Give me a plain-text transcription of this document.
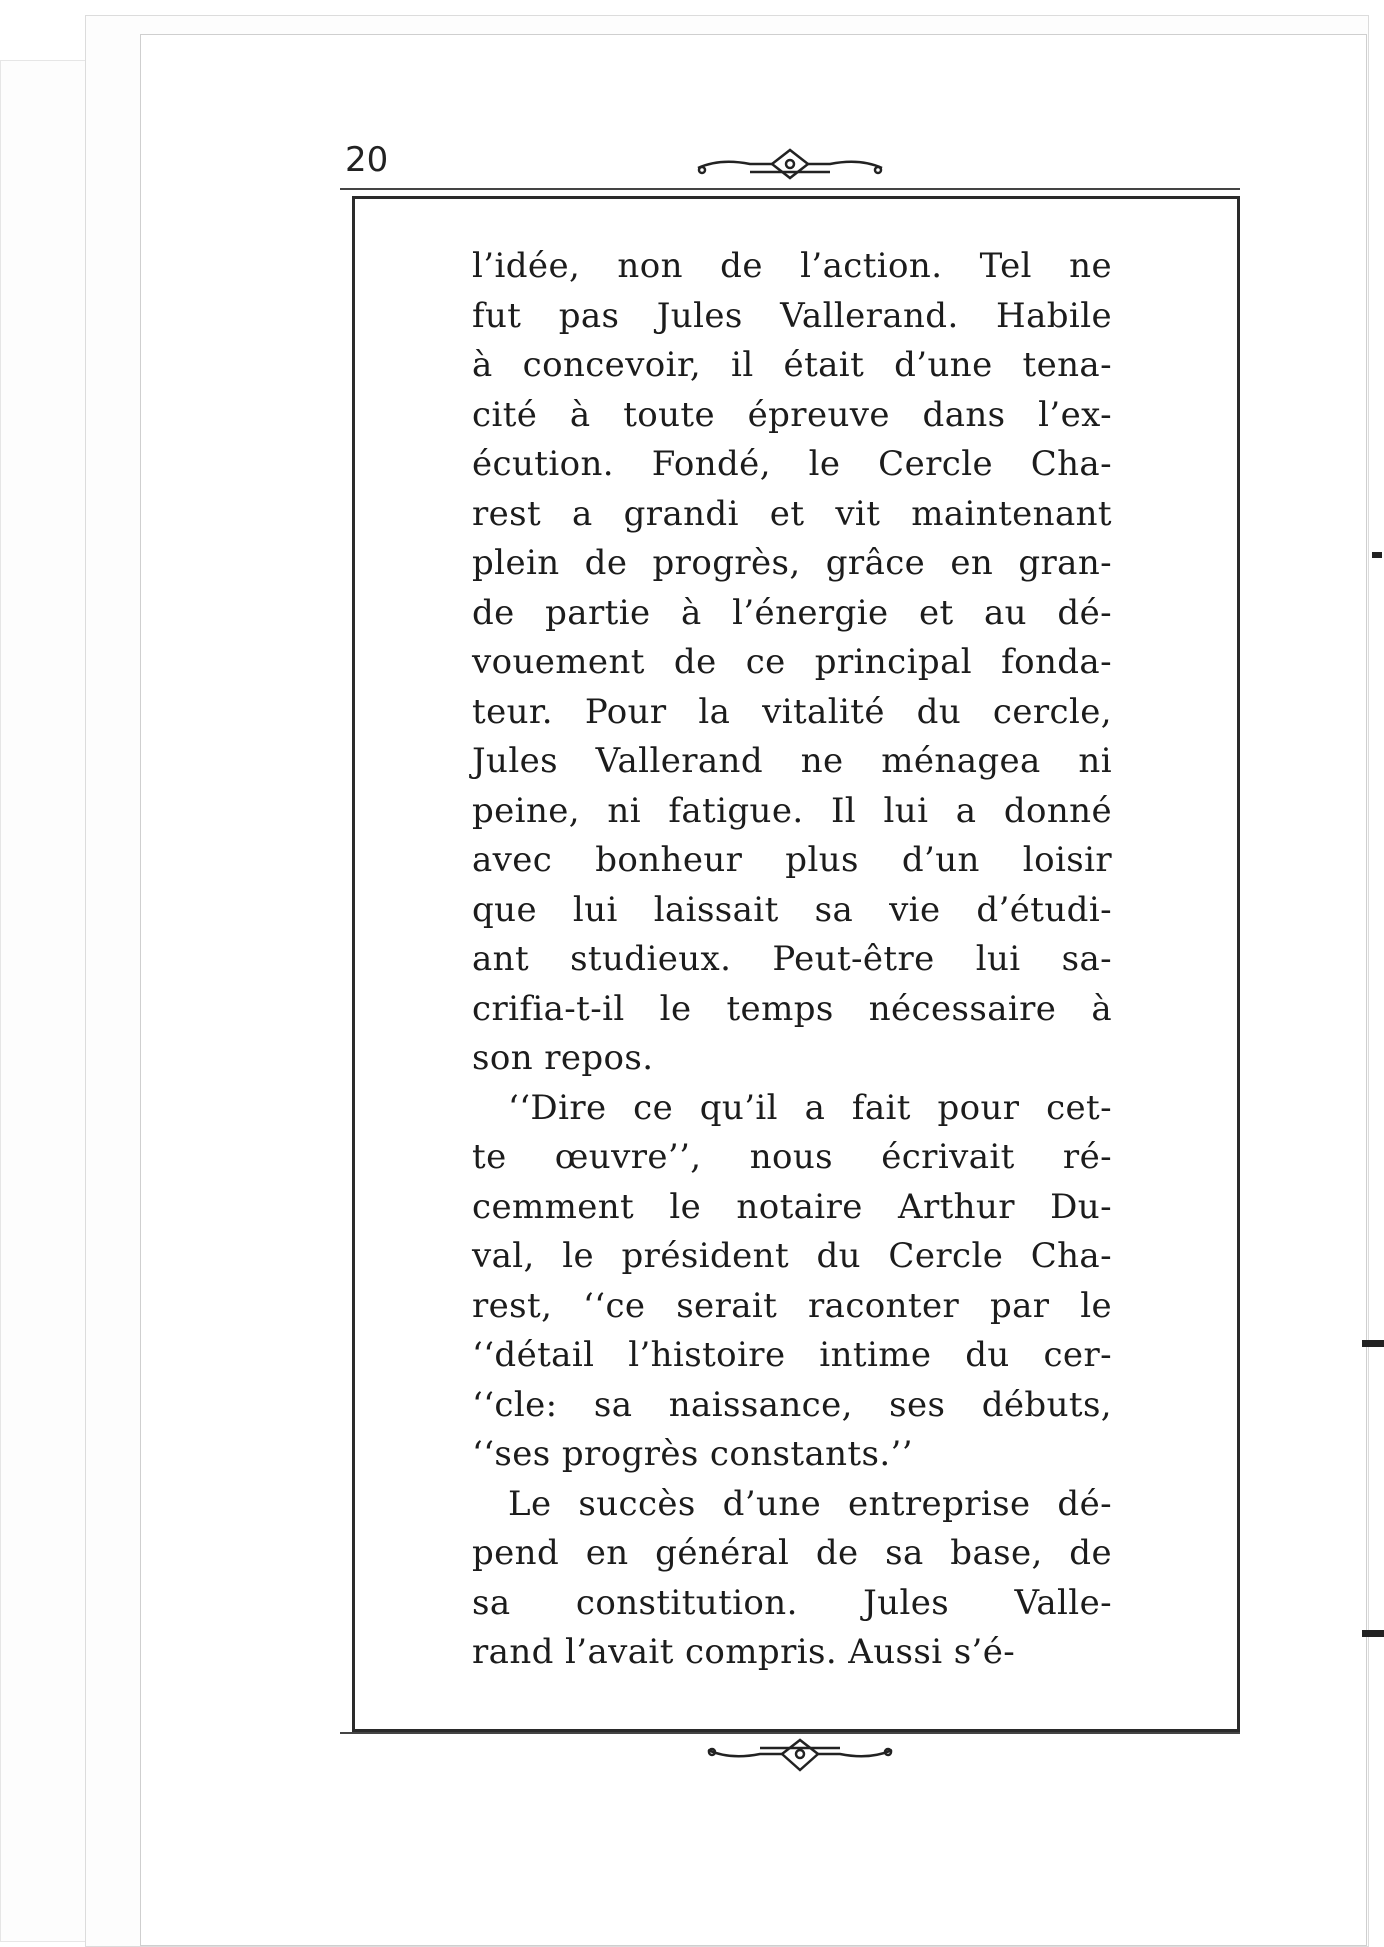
20

l’idée, non de l’action. Tel ne
fut pas Jules Vallerand. Habile
à concevoir, il était d’une tena-
cité à toute épreuve dans l’ex-
écution. Fondé, le Cercle Cha-
rest a grandi et vit maintenant
plein de progrès, grâce en gran-
de partie à l’énergie et au dé-
vouement de ce principal fonda-
teur. Pour la vitalité du cercle,
Jules Vallerand ne ménagea ni
peine, ni fatigue. Il lui a donné
avec bonheur plus d’un loisir
que lui laissait sa vie d’étudi-
ant studieux. Peut-être lui sa-
crifia-t-il le temps nécessaire à
son repos.

‘‘Dire ce qu’il a fait pour cet-
te œuvre’’, nous écrivait ré-
cemment le notaire Arthur Du-
val, le président du Cercle Cha-
rest, ‘‘ce serait raconter par le
‘‘détail l’histoire intime du cer-
‘‘cle: sa naissance, ses débuts,
‘‘ses progrès constants.’’

Le succès d’une entreprise dé-
pend en général de sa base, de
sa constitution. Jules Valle-
rand l’avait compris. Aussi s’é-
